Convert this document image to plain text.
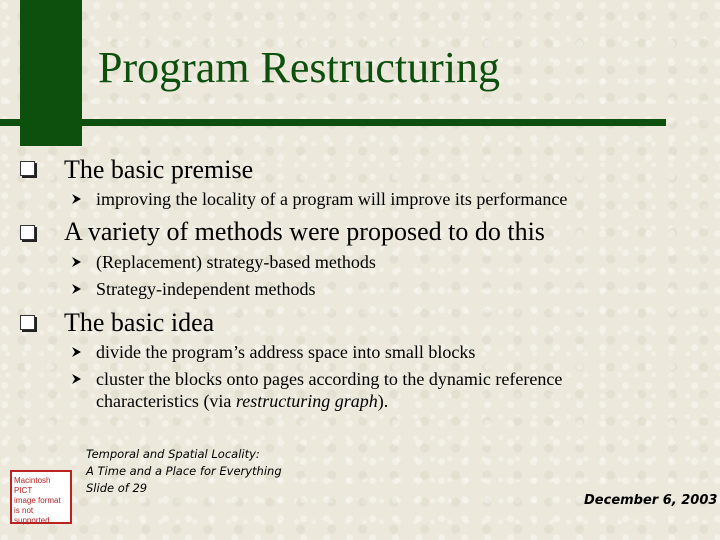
Program Restructuring
The basic premise
improving the locality of a program will improve its performance
A variety of methods were proposed to do this
(Replacement) strategy-based methods
Strategy-independent methods
The basic idea
divide the program’s address space into small blocks
cluster the blocks onto pages according to the dynamic reference
characteristics (via restructuring graph).
Macintosh PICT
image format
is not supported
Temporal and Spatial Locality:
A Time and a Place for Everything
Slide of 29
December 6, 2003
